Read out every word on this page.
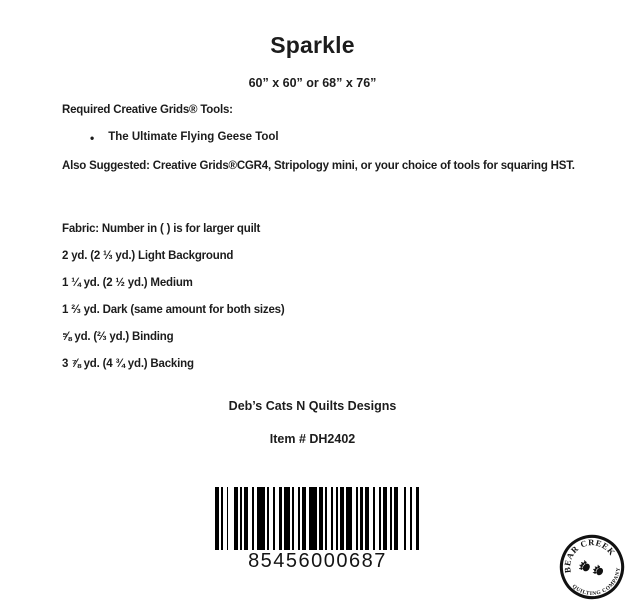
Sparkle
60” x 60” or 68” x 76”
Required Creative Grids® Tools:
• The Ultimate Flying Geese Tool
Also Suggested: Creative Grids®CGR4, Stripology mini, or your choice of tools for squaring HST.
Fabric: Number in ( ) is for larger quilt
2 yd. (2 ⅓ yd.) Light Background
1 ¼ yd. (2 ½ yd.) Medium
1 ⅔ yd. Dark (same amount for both sizes)
⅝ yd. (⅔ yd.) Binding
3 ⅞ yd. (4 ¾ yd.) Backing
Deb’s Cats N Quilts Designs
Item # DH2402
85456000687	BEAR CREEK
QUILTING COMPANY
